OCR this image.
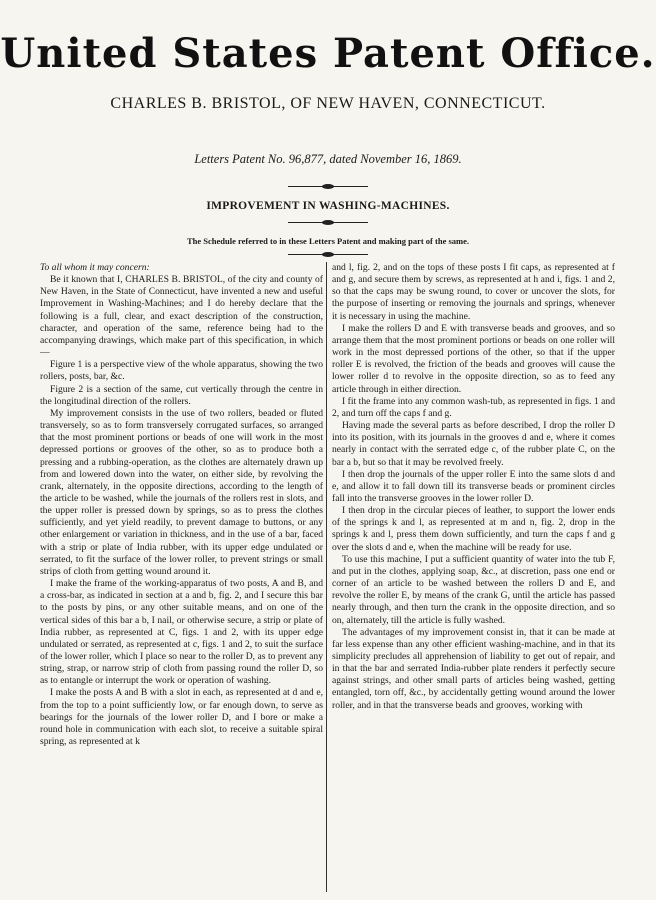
United States Patent Office.
CHARLES B. BRISTOL, OF NEW HAVEN, CONNECTICUT.
Letters Patent No. 96,877, dated November 16, 1869.
IMPROVEMENT IN WASHING-MACHINES.
The Schedule referred to in these Letters Patent and making part of the same.

To all whom it may concern:

Be it known that I, CHARLES B. BRISTOL, of the city and county of New Haven, in the State of Connecticut, have invented a new and useful Improvement in Washing-Machines; and I do hereby declare that the following is a full, clear, and exact description of the construction, character, and operation of the same, reference being had to the accompanying drawings, which make part of this specification, in which—

Figure 1 is a perspective view of the whole apparatus, showing the two rollers, posts, bar, &c.

Figure 2 is a section of the same, cut vertically through the centre in the longitudinal direction of the rollers.

My improvement consists in the use of two rollers, beaded or fluted transversely, so as to form transversely corrugated surfaces, so arranged that the most prominent portions or beads of one will work in the most depressed portions or grooves of the other, so as to produce both a pressing and a rubbing-operation, as the clothes are alternately drawn up from and lowered down into the water, on either side, by revolving the crank, alternately, in the opposite directions, according to the length of the article to be washed, while the journals of the rollers rest in slots, and the upper roller is pressed down by springs, so as to press the clothes sufficiently, and yet yield readily, to prevent damage to buttons, or any other enlargement or variation in thickness, and in the use of a bar, faced with a strip or plate of India rubber, with its upper edge undulated or serrated, to fit the surface of the lower roller, to prevent strings or small strips of cloth from getting wound around it.

I make the frame of the working-apparatus of two posts, A and B, and a cross-bar, as indicated in section at a and b, fig. 2, and I secure this bar to the posts by pins, or any other suitable means, and on one of the vertical sides of this bar a b, I nail, or otherwise secure, a strip or plate of India rubber, as represented at C, figs. 1 and 2, with its upper edge undulated or serrated, as represented at c, figs. 1 and 2, to suit the surface of the lower roller, which I place so near to the roller D, as to prevent any string, strap, or narrow strip of cloth from passing round the roller D, so as to entangle or interrupt the work or operation of washing.

I make the posts A and B with a slot in each, as represented at d and e, from the top to a point sufficiently low, or far enough down, to serve as bearings for the journals of the lower roller D, and I bore or make a round hole in communication with each slot, to receive a suitable spiral spring, as represented at k

and l, fig. 2, and on the tops of these posts I fit caps, as represented at f and g, and secure them by screws, as represented at h and i, figs. 1 and 2, so that the caps may be swung round, to cover or uncover the slots, for the purpose of inserting or removing the journals and springs, whenever it is necessary in using the machine.

I make the rollers D and E with transverse beads and grooves, and so arrange them that the most prominent portions or beads on one roller will work in the most depressed portions of the other, so that if the upper roller E is revolved, the friction of the beads and grooves will cause the lower roller d to revolve in the opposite direction, so as to feed any article through in either direction.

I fit the frame into any common wash-tub, as represented in figs. 1 and 2, and turn off the caps f and g.

Having made the several parts as before described, I drop the roller D into its position, with its journals in the grooves d and e, where it comes nearly in contact with the serrated edge c, of the rubber plate C, on the bar a b, but so that it may be revolved freely.

I then drop the journals of the upper roller E into the same slots d and e, and allow it to fall down till its transverse beads or prominent circles fall into the transverse grooves in the lower roller D.

I then drop in the circular pieces of leather, to support the lower ends of the springs k and l, as represented at m and n, fig. 2, drop in the springs k and l, press them down sufficiently, and turn the caps f and g over the slots d and e, when the machine will be ready for use.

To use this machine, I put a sufficient quantity of water into the tub F, and put in the clothes, applying soap, &c., at discretion, pass one end or corner of an article to be washed between the rollers D and E, and revolve the roller E, by means of the crank G, until the article has passed nearly through, and then turn the crank in the opposite direction, and so on, alternately, till the article is fully washed.

The advantages of my improvement consist in, that it can be made at far less expense than any other efficient washing-machine, and in that its simplicity precludes all apprehension of liability to get out of repair, and in that the bar and serrated India-rubber plate renders it perfectly secure against strings, and other small parts of articles being washed, getting entangled, torn off, &c., by accidentally getting wound around the lower roller, and in that the transverse beads and grooves, working with
